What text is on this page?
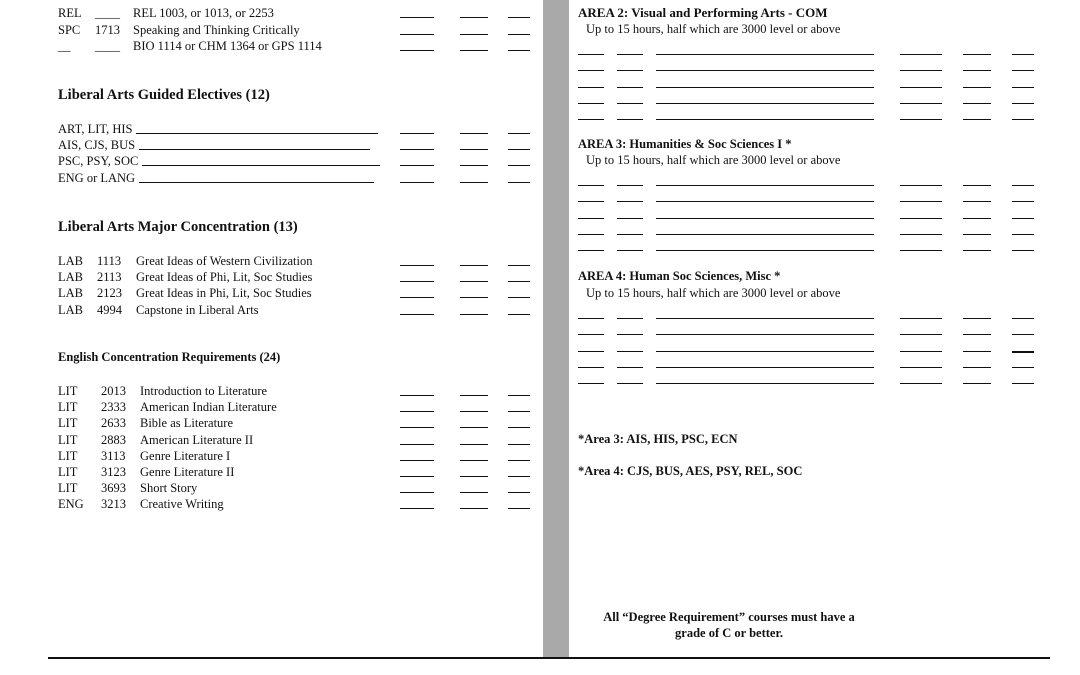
REL ____ REL 1003, or 1013, or 2253
SPC 1713 Speaking and Thinking Critically
__ ____ BIO 1114 or CHM 1364 or GPS 1114
Liberal Arts Guided Electives (12)
ART, LIT, HIS
AIS, CJS, BUS
PSC, PSY, SOC
ENG or LANG
Liberal Arts Major Concentration (13)
LAB 1113 Great Ideas of Western Civilization
LAB 2113 Great Ideas of Phi, Lit, Soc Studies
LAB 2123 Great Ideas in Phi, Lit, Soc Studies
LAB 4994 Capstone in Liberal Arts
English Concentration Requirements (24)
LIT 2013 Introduction to Literature
LIT 2333 American Indian Literature
LIT 2633 Bible as Literature
LIT 2883 American Literature II
LIT 3113 Genre Literature I
LIT 3123 Genre Literature II
LIT 3693 Short Story
ENG 3213 Creative Writing
AREA 2: Visual and Performing Arts - COM
Up to 15 hours, half which are 3000 level or above
AREA 3: Humanities & Soc Sciences I *
Up to 15 hours, half which are 3000 level or above
AREA 4: Human Soc Sciences, Misc *
Up to 15 hours, half which are 3000 level or above
*Area 3: AIS, HIS, PSC, ECN
*Area 4: CJS, BUS, AES, PSY, REL, SOC
All “Degree Requirement” courses must have a
grade of C or better.
